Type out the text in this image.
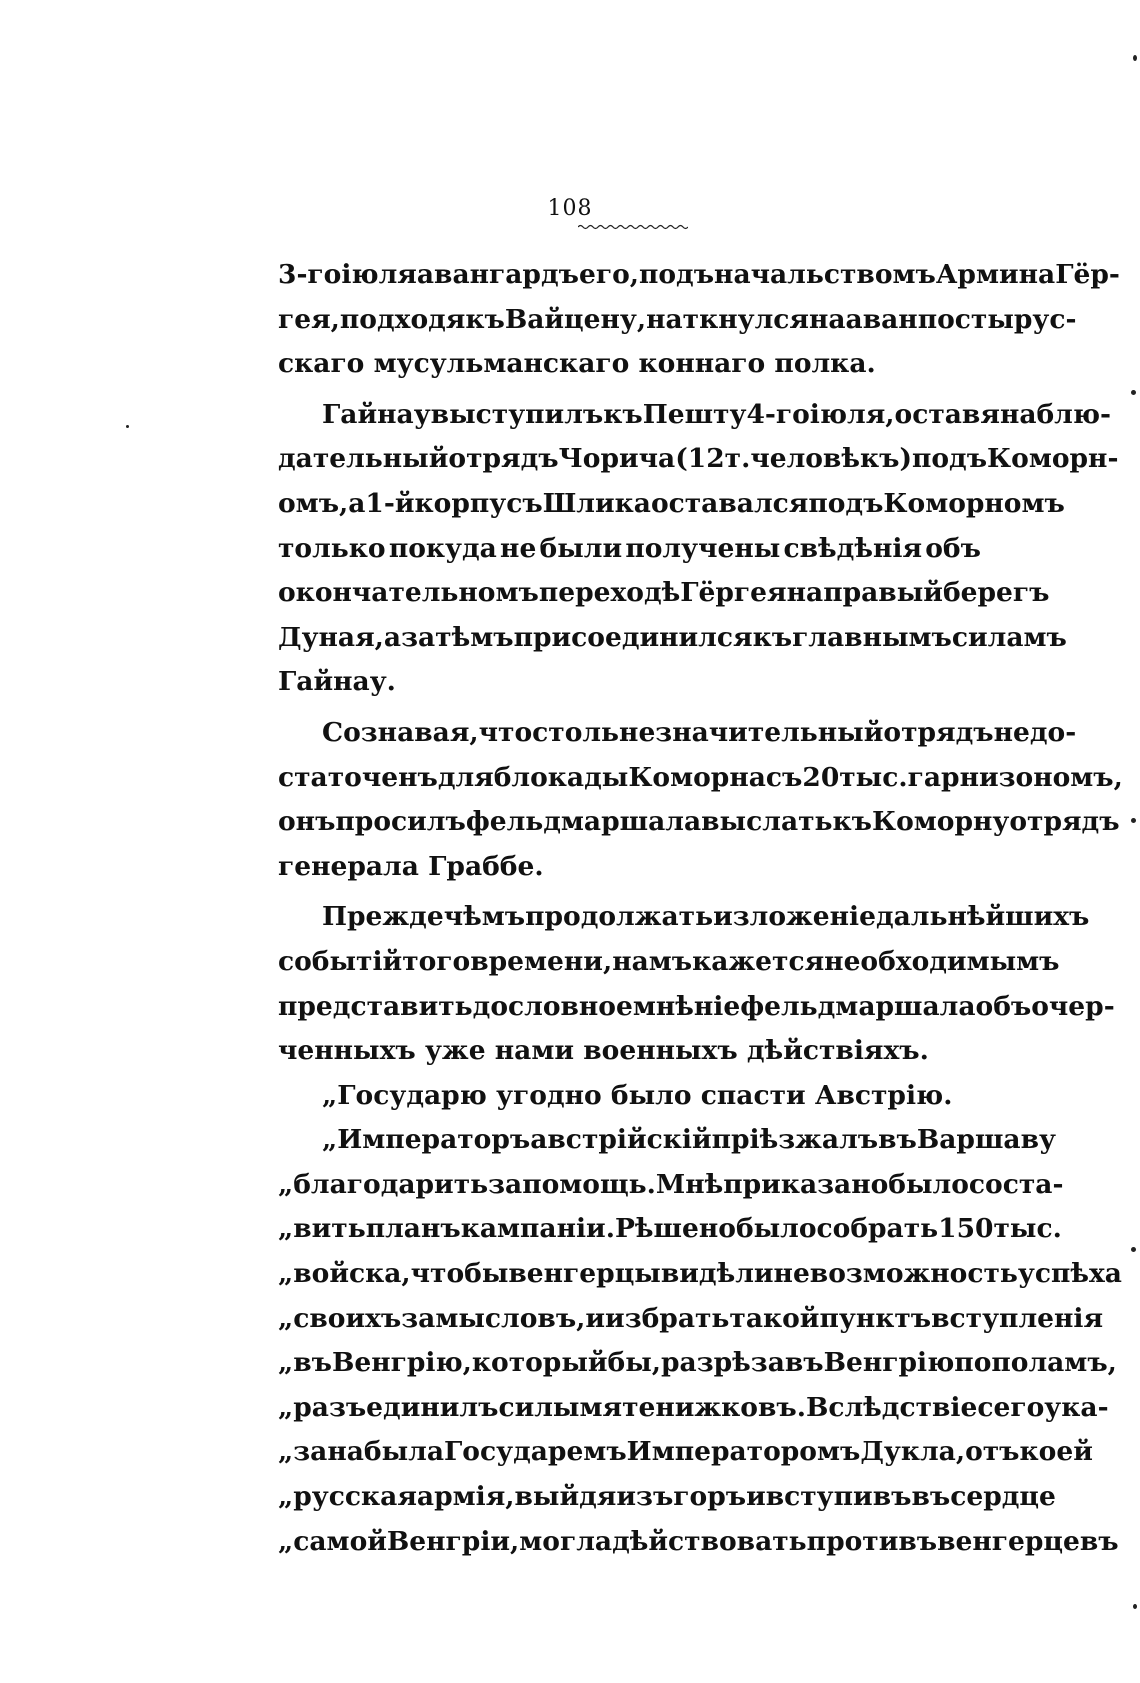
108
3-го іюля авангардъ его, подъ начальствомъ Армина Гёр-
гея, подходя къ Вайцену, наткнулся на аванпосты рус-
скаго мусульманскаго коннаго полка.
Гайнау выступилъ къ Пешту 4-го іюля, оставя наблю-
дательный отрядъ Чорича (12 т. человѣкъ) подъ Коморн-
омъ, а 1-й корпусъ Шлика оставался подъ Коморномъ
только покуда не были получены свѣдѣнія объ
окончательномъ переходѣ Гёргея на правый берегъ
Дуная, а затѣмъ присоединился къ главнымъ силамъ
Гайнау.
Сознавая, что столь незначительный отрядъ недо-
статоченъ для блокады Коморна съ 20 тыс. гарнизономъ,
онъ просилъ фельдмаршала выслать къ Коморну отрядъ
генерала Граббе.
Прежде чѣмъ продолжать изложеніе дальнѣйшихъ
событій того времени, намъ кажется необходимымъ
представить дословное мнѣніе фельдмаршала объ очер-
ченныхъ уже нами военныхъ дѣйствіяхъ.
„Государю угодно было спасти Австрію.
„Императоръ австрійскій пріѣзжалъ въ Варшаву
„благодарить за помощь. Мнѣ приказано было соста-
„вить планъ кампаніи. Рѣшено было собрать 150 тыс.
„войска, чтобы венгерцы видѣли невозможность успѣха
„своихъ замысловъ, и избрать такой пунктъ вступленія
„въ Венгрію, который бы, разрѣзавъ Венгрію пополамъ,
„разъединилъ силы мятенижковъ. Вслѣдствіе сего ука-
„зана была Государемъ Императоромъ Дукла, отъ коей
„русская армія, выйдя изъ горъ и вступивъ въ сердце
„самой Венгріи, могла дѣйствовать противъ венгерцевъ
